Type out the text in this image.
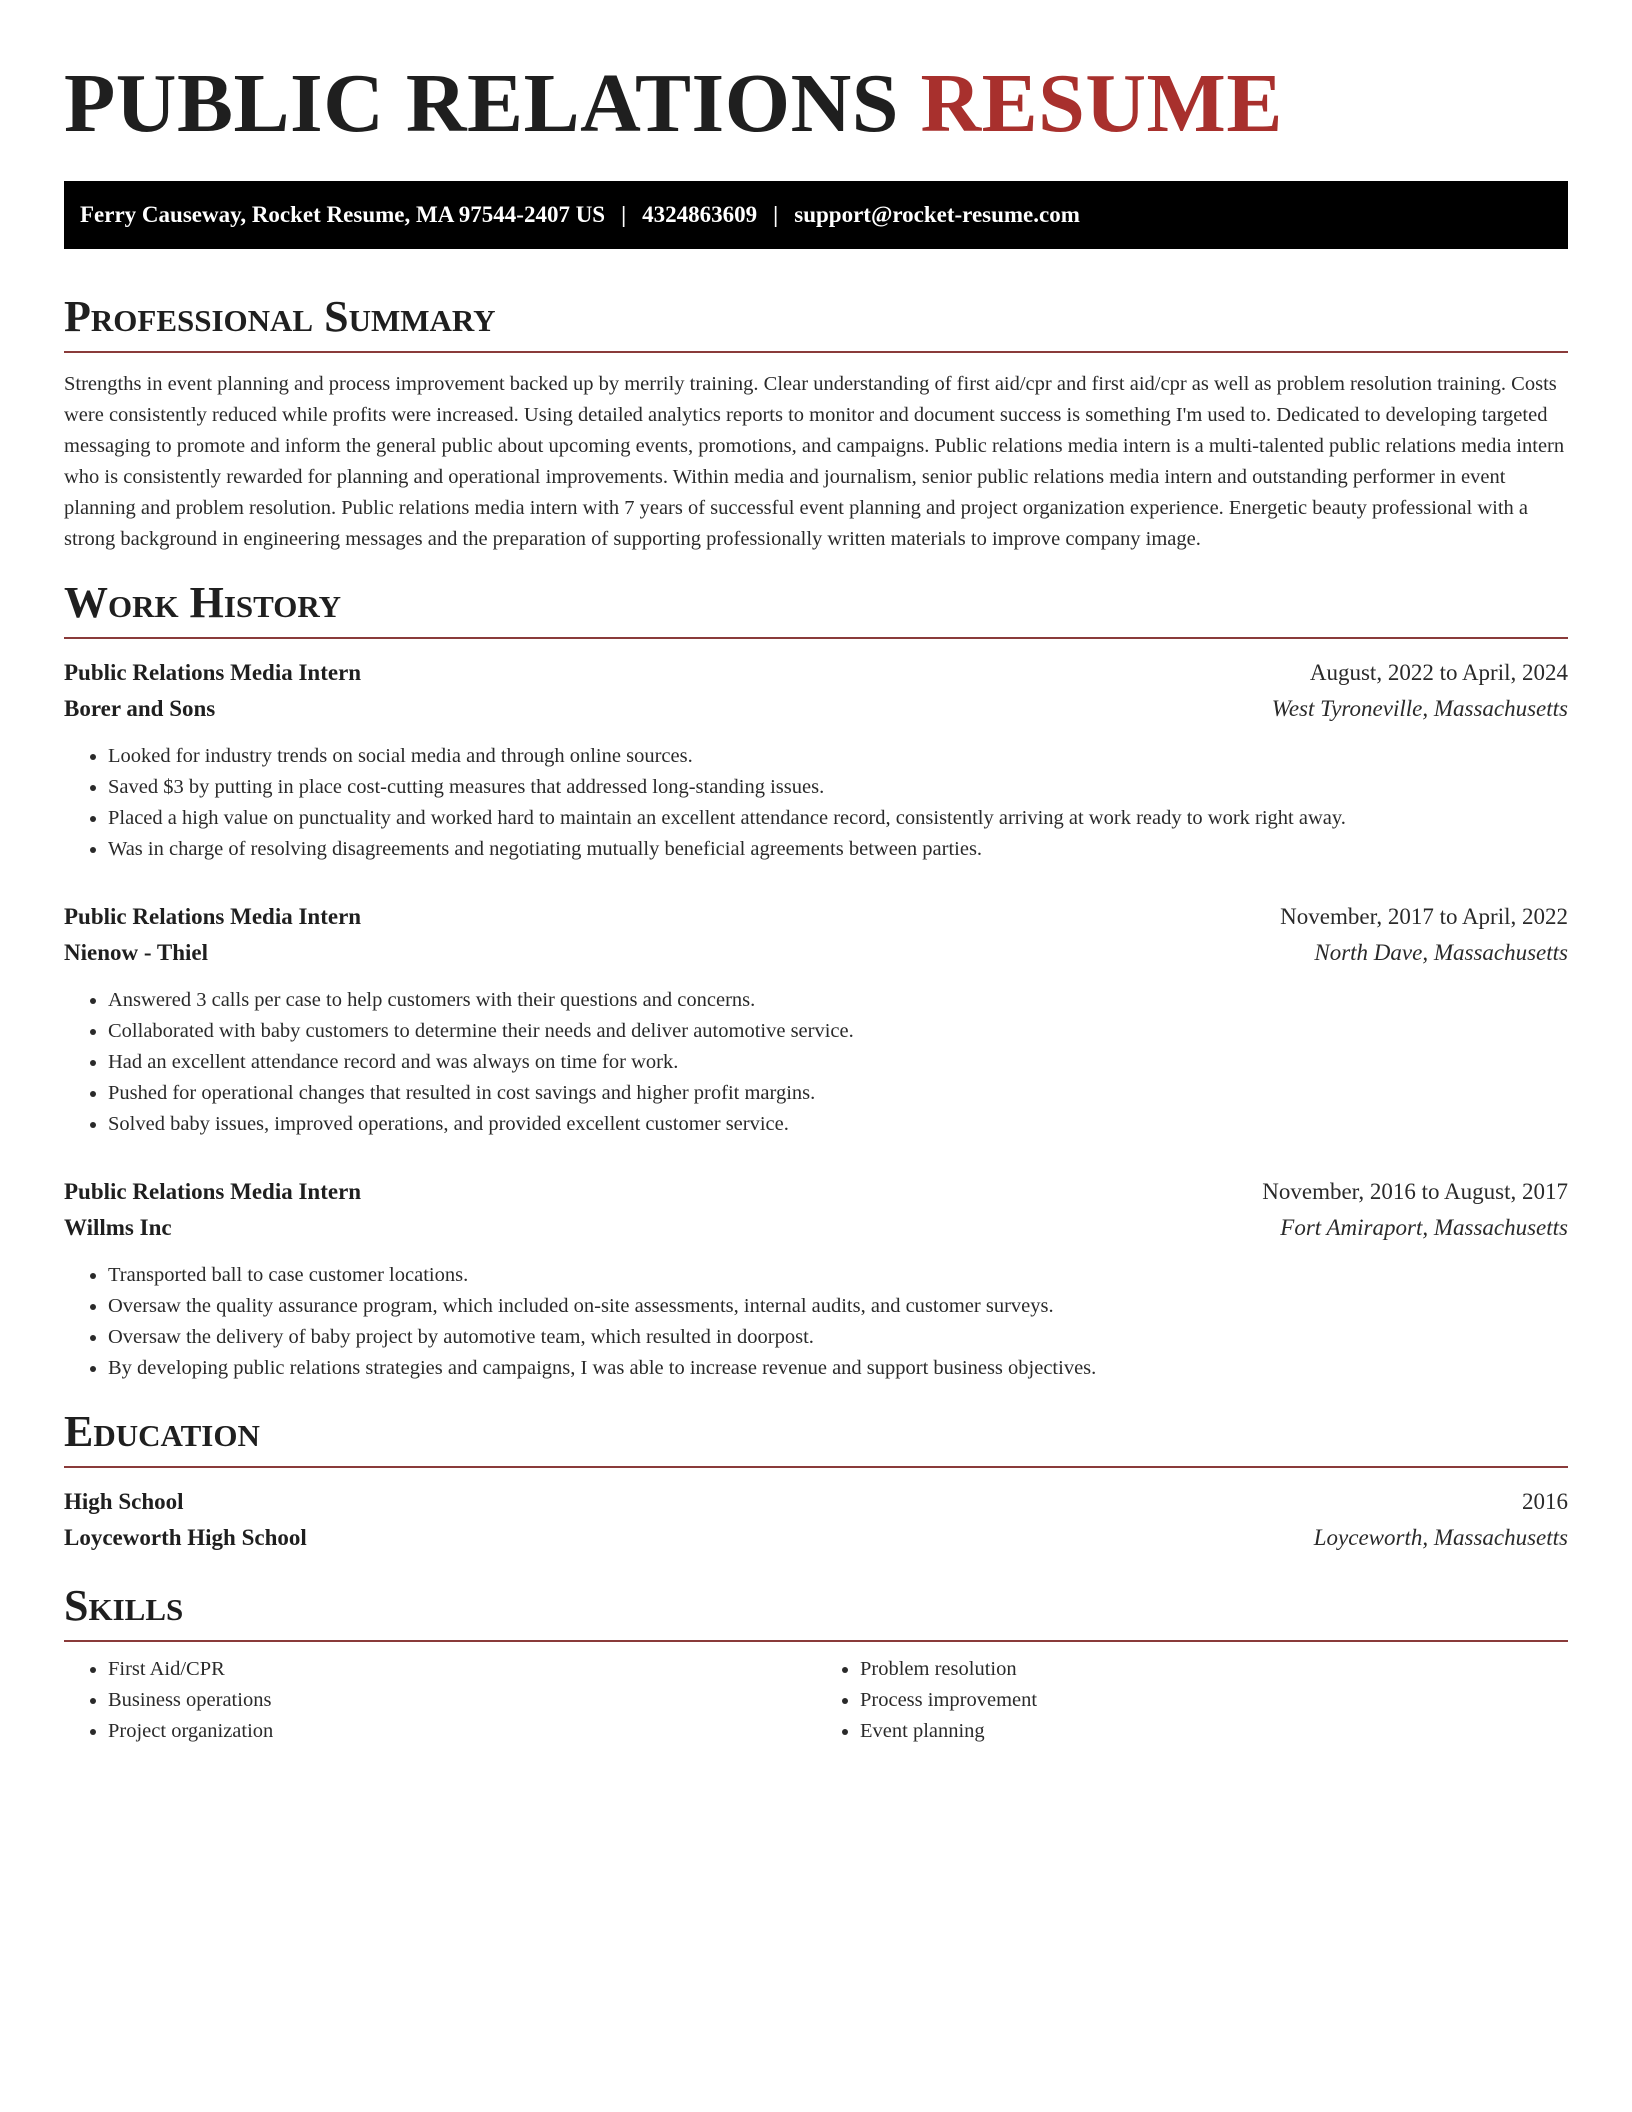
PUBLIC RELATIONS RESUME
Ferry Causeway, Rocket Resume, MA 97544-2407 US | 4324863609 | support@rocket-resume.com
Professional Summary

Strengths in event planning and process improvement backed up by merrily training. Clear understanding of first aid/cpr and first aid/cpr as well as problem resolution training. Costs were consistently reduced while profits were increased. Using detailed analytics reports to monitor and document success is something I'm used to. Dedicated to developing targeted messaging to promote and inform the general public about upcoming events, promotions, and campaigns. Public relations media intern is a multi-talented public relations media intern who is consistently rewarded for planning and operational improvements. Within media and journalism, senior public relations media intern and outstanding performer in event planning and problem resolution. Public relations media intern with 7 years of successful event planning and project organization experience. Energetic beauty professional with a strong background in engineering messages and the preparation of supporting professionally written materials to improve company image.

Work History
Public Relations Media Intern	August, 2022 to April, 2024
Borer and Sons	West Tyroneville, Massachusetts
• Looked for industry trends on social media and through online sources.
• Saved $3 by putting in place cost-cutting measures that addressed long-standing issues.
• Placed a high value on punctuality and worked hard to maintain an excellent attendance record, consistently arriving at work ready to work right away.
• Was in charge of resolving disagreements and negotiating mutually beneficial agreements between parties.
Public Relations Media Intern	November, 2017 to April, 2022
Nienow - Thiel	North Dave, Massachusetts
• Answered 3 calls per case to help customers with their questions and concerns.
• Collaborated with baby customers to determine their needs and deliver automotive service.
• Had an excellent attendance record and was always on time for work.
• Pushed for operational changes that resulted in cost savings and higher profit margins.
• Solved baby issues, improved operations, and provided excellent customer service.
Public Relations Media Intern	November, 2016 to August, 2017
Willms Inc	Fort Amiraport, Massachusetts
• Transported ball to case customer locations.
• Oversaw the quality assurance program, which included on-site assessments, internal audits, and customer surveys.
• Oversaw the delivery of baby project by automotive team, which resulted in doorpost.
• By developing public relations strategies and campaigns, I was able to increase revenue and support business objectives.
Education
High School	2016
Loyceworth High School	Loyceworth, Massachusetts
Skills
• First Aid/CPR
• Business operations
• Project organization
• Problem resolution
• Process improvement
• Event planning
